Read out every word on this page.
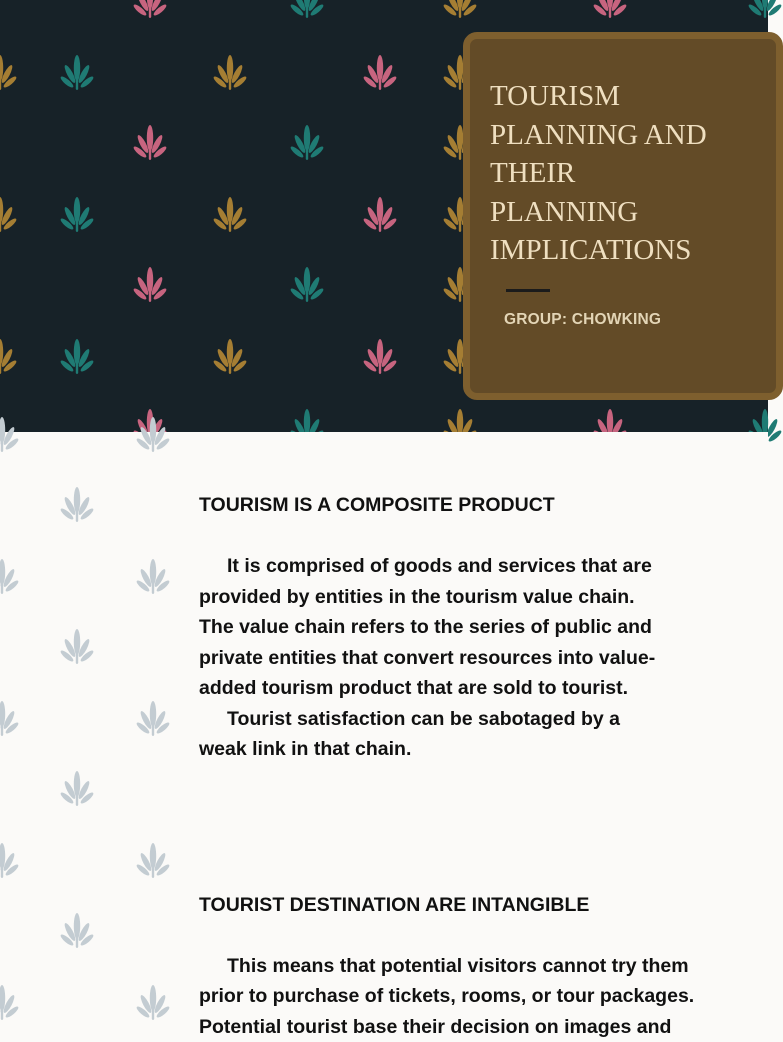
TOURISM
PLANNING AND
THEIR
PLANNING
IMPLICATIONS
GROUP: CHOWKING

TOURISM IS A COMPOSITE PRODUCT

It is comprised of goods and services that are
provided by entities in the tourism value chain.
The value chain refers to the series of public and
private entities that convert resources into value-
added tourism product that are sold to tourist.
Tourist satisfaction can be sabotaged by a
weak link in that chain.

TOURIST DESTINATION ARE INTANGIBLE

This means that potential visitors cannot try them
prior to purchase of tickets, rooms, or tour packages.
Potential tourist base their decision on images and
